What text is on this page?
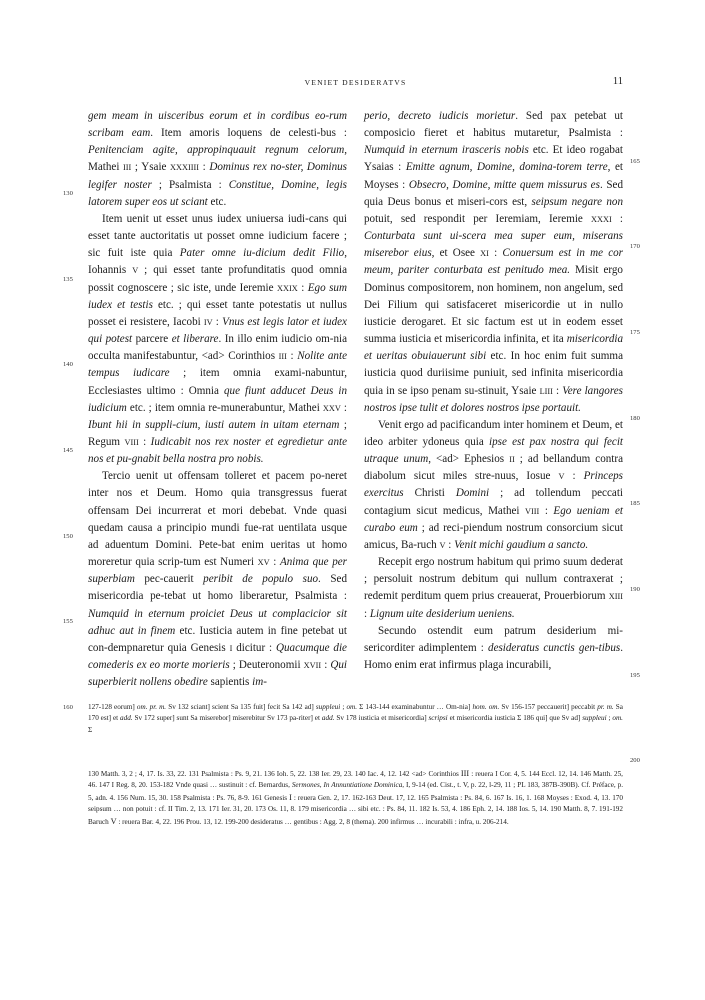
VENIET DESIDERATVS	11

gem meam in uisceribus eorum et in cordibus eo-rum scribam eam. Item amoris loquens de celesti-bus : Penitenciam agite, appropinquauit regnum celorum, Mathei III ; Ysaie XXXIIII : Dominus rex no-ster, Dominus legifer noster ; Psalmista : Constitue, Domine, legis latorem super eos ut sciant etc.

Item uenit ut esset unus iudex uniuersa iudi-cans qui esset tante auctoritatis ut posset omne iudicium facere ; sic fuit iste quia Pater omne iu-dicium dedit Filio, Iohannis V ; qui esset tante profunditatis quod omnia possit cognoscere ; sic iste, unde Ieremie XXIX : Ego sum iudex et testis etc. ; qui esset tante potestatis ut nullus posset ei resistere, Iacobi IV : Vnus est legis lator et iudex qui potest parcere et liberare. In illo enim iudicio om-nia occulta manifestabuntur, <ad> Corinthios III : Nolite ante tempus iudicare ; item omnia exami-nabuntur, Ecclesiastes ultimo : Omnia que fiunt adducet Deus in iudicium etc. ; item omnia re-munerabuntur, Mathei XXV : Ibunt hii in suppli-cium, iusti autem in uitam eternam ; Regum VIII : Iudicabit nos rex noster et egredietur ante nos et pu-gnabit bella nostra pro nobis.

Tercio uenit ut offensam tolleret et pacem po-neret inter nos et Deum. Homo quia transgressus fuerat offensam Dei incurrerat et mori debebat. Vnde quasi quedam causa a principio mundi fue-rat uentilata usque ad aduentum Domini. Pete-bat enim ueritas ut homo moreretur quia scrip-tum est Numeri XV : Anima que per superbiam pec-cauerit peribit de populo suo. Sed misericordia pe-tebat ut homo liberaretur, Psalmista : Numquid in eternum proiciet Deus ut complacicior sit adhuc aut in finem etc. Iusticia autem in fine petebat ut con-dempnaretur quia Genesis I dicitur : Quacumque die comederis ex eo morte morieris ; Deuteronomii XVII : Qui superbierit nollens obedire sapientis im-

perio, decreto iudicis morietur. Sed pax petebat ut composicio fieret et habitus mutaretur, Psalmista : Numquid in eternum irasceris nobis etc. Et ideo rogabat Ysaias : Emitte agnum, Domine, domina-torem terre, et Moyses : Obsecro, Domine, mitte quem missurus es. Sed quia Deus bonus et miseri-cors est, seipsum negare non potuit, sed respondit per Ieremiam, Ieremie XXXI : Conturbata sunt ui-scera mea super eum, miserans miserebor eius, et Osee XI : Conuersum est in me cor meum, pariter conturbata est penitudo mea. Misit ergo Dominus compositorem, non hominem, non angelum, sed Dei Filium qui satisfaceret misericordie ut in nullo iusticie derogaret. Et sic factum est ut in eodem esset summa iusticia et misericordia infinita, et ita misericordia et ueritas obuiauerunt sibi etc. In hoc enim fuit summa iusticia quod duriisime puniuit, sed infinita misericordia quia in se ipso penam su-stinuit, Ysaie LIII : Vere langores nostros ipse tulit et dolores nostros ipse portauit.

Venit ergo ad pacificandum inter hominem et Deum, et ideo arbiter ydoneus quia ipse est pax nostra qui fecit utraque unum, <ad> Ephesios II ; ad bellandum contra diabolum sicut miles stre-nuus, Iosue V : Princeps exercitus Christi Domini ; ad tollendum peccati contagium sicut medicus, Mathei VIII : Ego ueniam et curabo eum ; ad reci-piendum nostrum consorcium sicut amicus, Ba-ruch V : Venit michi gaudium a sancto.

Recepit ergo nostrum habitum qui primo suum dederat ; persoluit nostrum debitum qui nullum contraxerat ; redemit perditum quem prius creauerat, Prouerbiorum XIII : Lignum uite desiderium ueniens.

Secundo ostendit eum patrum desiderium mi-sericorditer adimplentem : desideratus cunctis gen-tibus. Homo enim erat infirmus plaga incurabili,

130
135
140
145
150
155
160
165
170
175
180
185
190
195
200
127-128 eorum] om. pr. m. Sv 132 sciant] scient Sa 135 fuit] fecit Sa 142 ad] suppleui ; om. Σ 143-144 examinabuntur … Om-nia] hom. om. Sv 156-157 peccauerit] peccabit pr. m. Sa 170 est] et add. Sv 172 super] sunt Sa miserebor] miserebitur Sv 173 pa-riter] et add. Sv 178 iusticia et misericordia] scripsi et misericordia iusticia Σ 186 qui] que Sv ad] suppleui ; om. Σ
130 Matth. 3, 2 ; 4, 17. Is. 33, 22. 131 Psalmista : Ps. 9, 21. 136 Ioh. 5, 22. 138 Ier. 29, 23. 140 Iac. 4, 12. 142 <ad> Corinthios III : reuera I Cor. 4, 5. 144 Eccl. 12, 14. 146 Matth. 25, 46. 147 I Reg. 8, 20. 153-182 Vnde quasi … sustinuit : cf. Bernardus, Sermones, In Annuntiatione Dominica, I, 9-14 (ed. Cist., t. V, p. 22, l-29, 11 ; PL 183, 387B-390B). Cf. Préface, p. 5, adn. 4. 156 Num. 15, 30. 158 Psalmista : Ps. 76, 8-9. 161 Genesis I : reuera Gen. 2, 17. 162-163 Deut. 17, 12. 165 Psalmista : Ps. 84, 6. 167 Is. 16, 1. 168 Moyses : Exod. 4, 13. 170 seipsum … non potuit : cf. II Tim. 2, 13. 171 Ier. 31, 20. 173 Os. 11, 8. 179 misericordia … sibi etc. : Ps. 84, 11. 182 Is. 53, 4. 186 Eph. 2, 14. 188 Ios. 5, 14. 190 Matth. 8, 7. 191-192 Baruch V : reuera Bar. 4, 22. 196 Prou. 13, 12. 199-200 desideratus … gentibus : Agg. 2, 8 (thema). 200 infirmus … incurabili : infra, u. 206-214.
